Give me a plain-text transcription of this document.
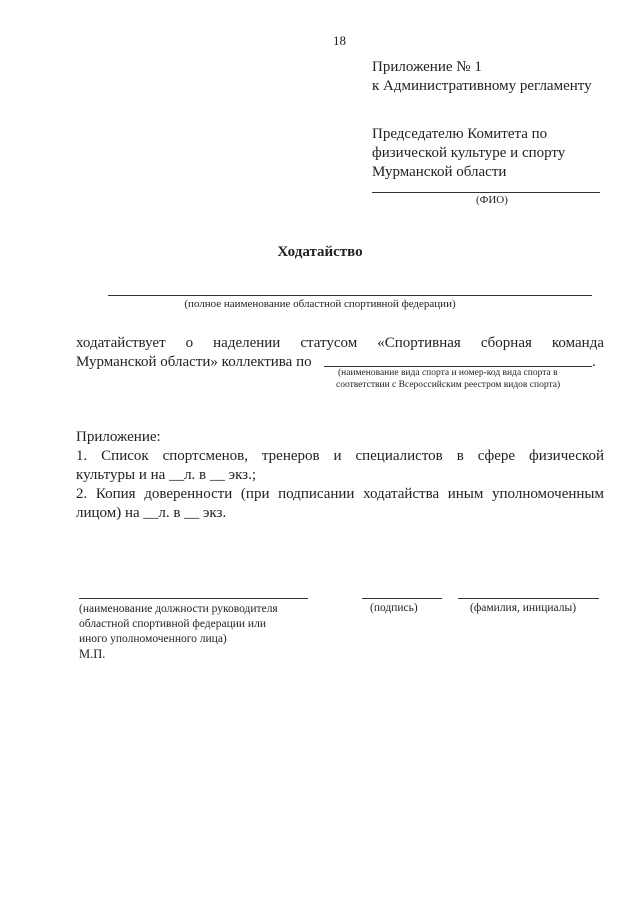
18
Приложение № 1
к Административному регламенту
Председателю Комитета по
физической культуре и спорту
Мурманской области
(ФИО)
Ходатайство
(полное наименование областной спортивной федерации)
ходатайствует о наделении статусом «Спортивная сборная команда
Мурманской области» коллектива по	.
(наименование вида спорта и номер-код вида спорта в
соответствии с Всероссийским реестром видов спорта)
Приложение:
1. Список спортсменов, тренеров и специалистов в сфере физической
культуры и на __л. в __ экз.;
2. Копия доверенности (при подписании ходатайства иным уполномоченным
лицом) на __л. в __ экз.
(наименование должности руководителя
областной спортивной федерации или
иного уполномоченного лица)
М.П.
(подпись)	(фамилия, инициалы)
